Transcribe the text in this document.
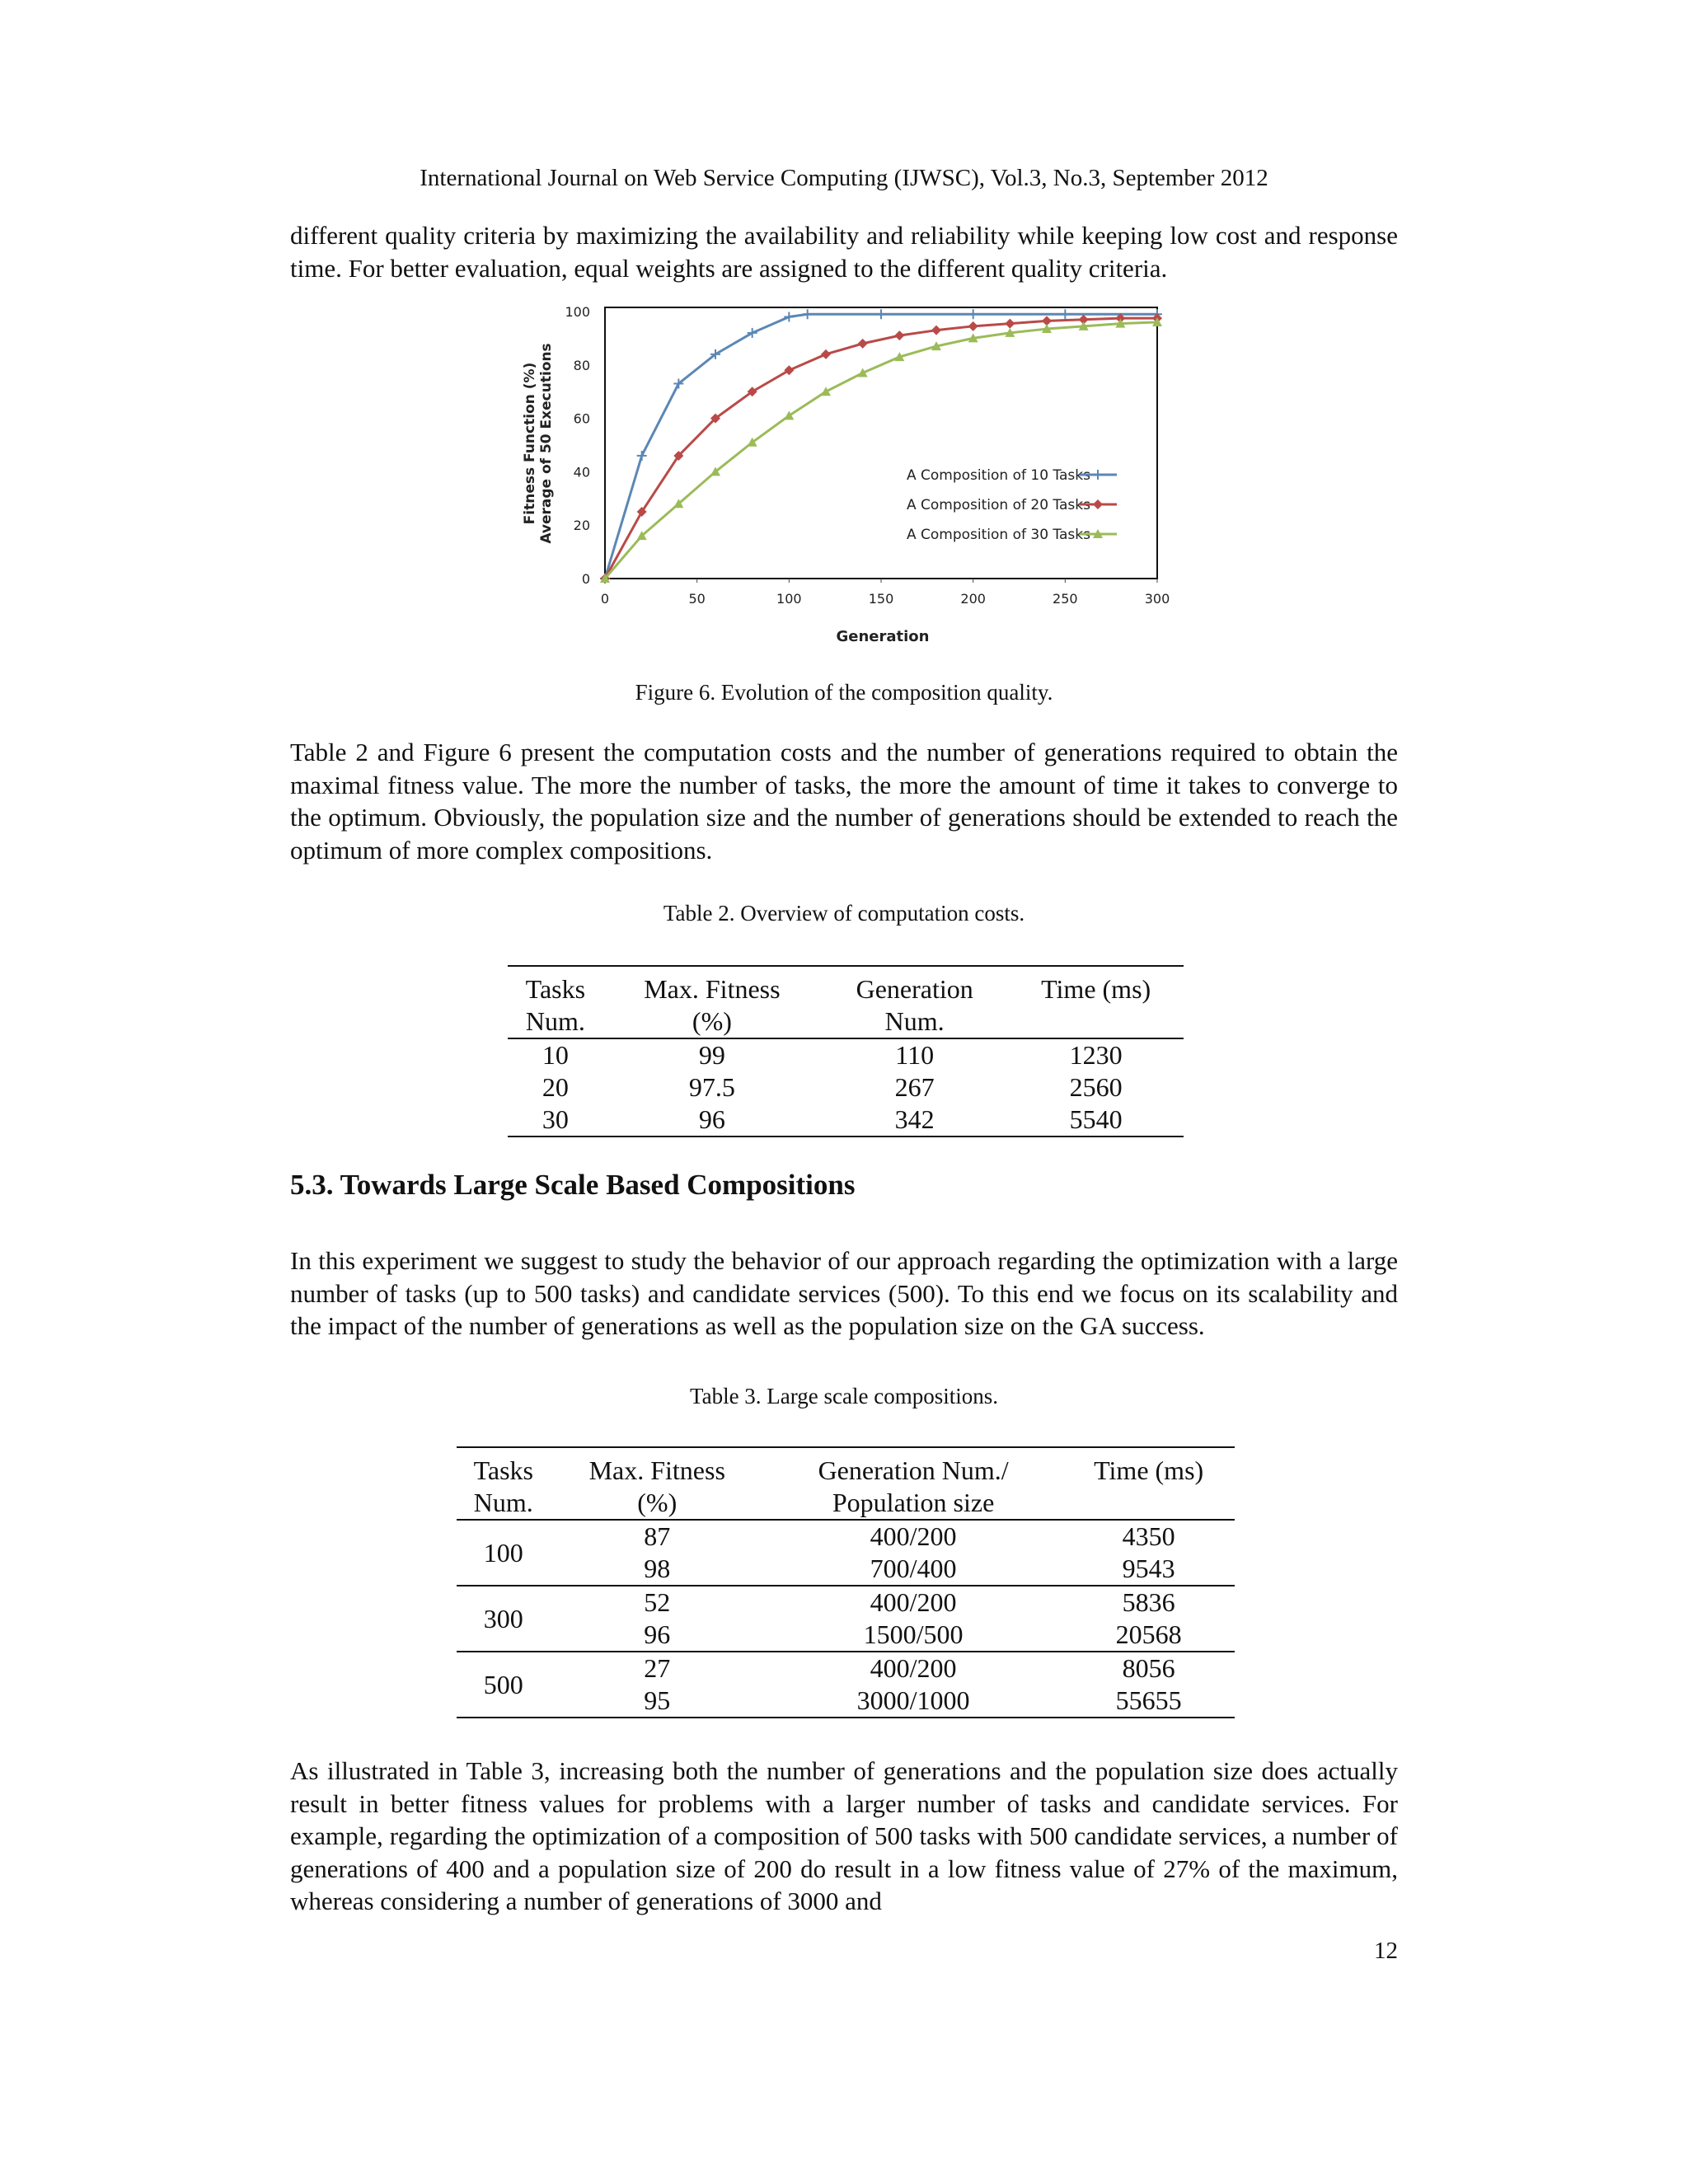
International Journal on Web Service Computing (IJWSC), Vol.3, No.3, September 2012

different quality criteria by maximizing the availability and reliability while keeping low cost and response time. For better evaluation, equal weights are assigned to the different quality criteria.

0
20
40
60
80
100
0	50	100	150	200	250	300
A Composition of 10 Tasks
A Composition of 20 Tasks
A Composition of 30 Tasks
Generation
Fitness Function (%) Average of 50 Executions
Figure 6. Evolution of the composition quality.

Table 2 and Figure 6 present the computation costs and the number of generations required to obtain the maximal fitness value. The more the number of tasks, the more the amount of time it takes to converge to the optimum. Obviously, the population size and the number of generations should be extended to reach the optimum of more complex compositions.

Table 2. Overview of computation costs.
Tasks	Max. Fitness	Generation	Time (ms)
Num.	(%)	Num.	
10	99	110	1230
20	97.5	267	2560
30	96	342	5540
5.3. Towards Large Scale Based Compositions

In this experiment we suggest to study the behavior of our approach regarding the optimization with a large number of tasks (up to 500 tasks) and candidate services (500). To this end we focus on its scalability and the impact of the number of generations as well as the population size on the GA success.

Table 3. Large scale compositions.
Tasks	Max. Fitness	Generation Num./	Time (ms)
Num.	(%)	Population size	
100	87	400/200	4350
	98	700/400	9543
300	52	400/200	5836
	96	1500/500	20568
500	27	400/200	8056
	95	3000/1000	55655

As illustrated in Table 3, increasing both the number of generations and the population size does actually result in better fitness values for problems with a larger number of tasks and candidate services. For example, regarding the optimization of a composition of 500 tasks with 500 candidate services, a number of generations of 400 and a population size of 200 do result in a low fitness value of 27% of the maximum, whereas considering a number of generations of 3000 and

12
